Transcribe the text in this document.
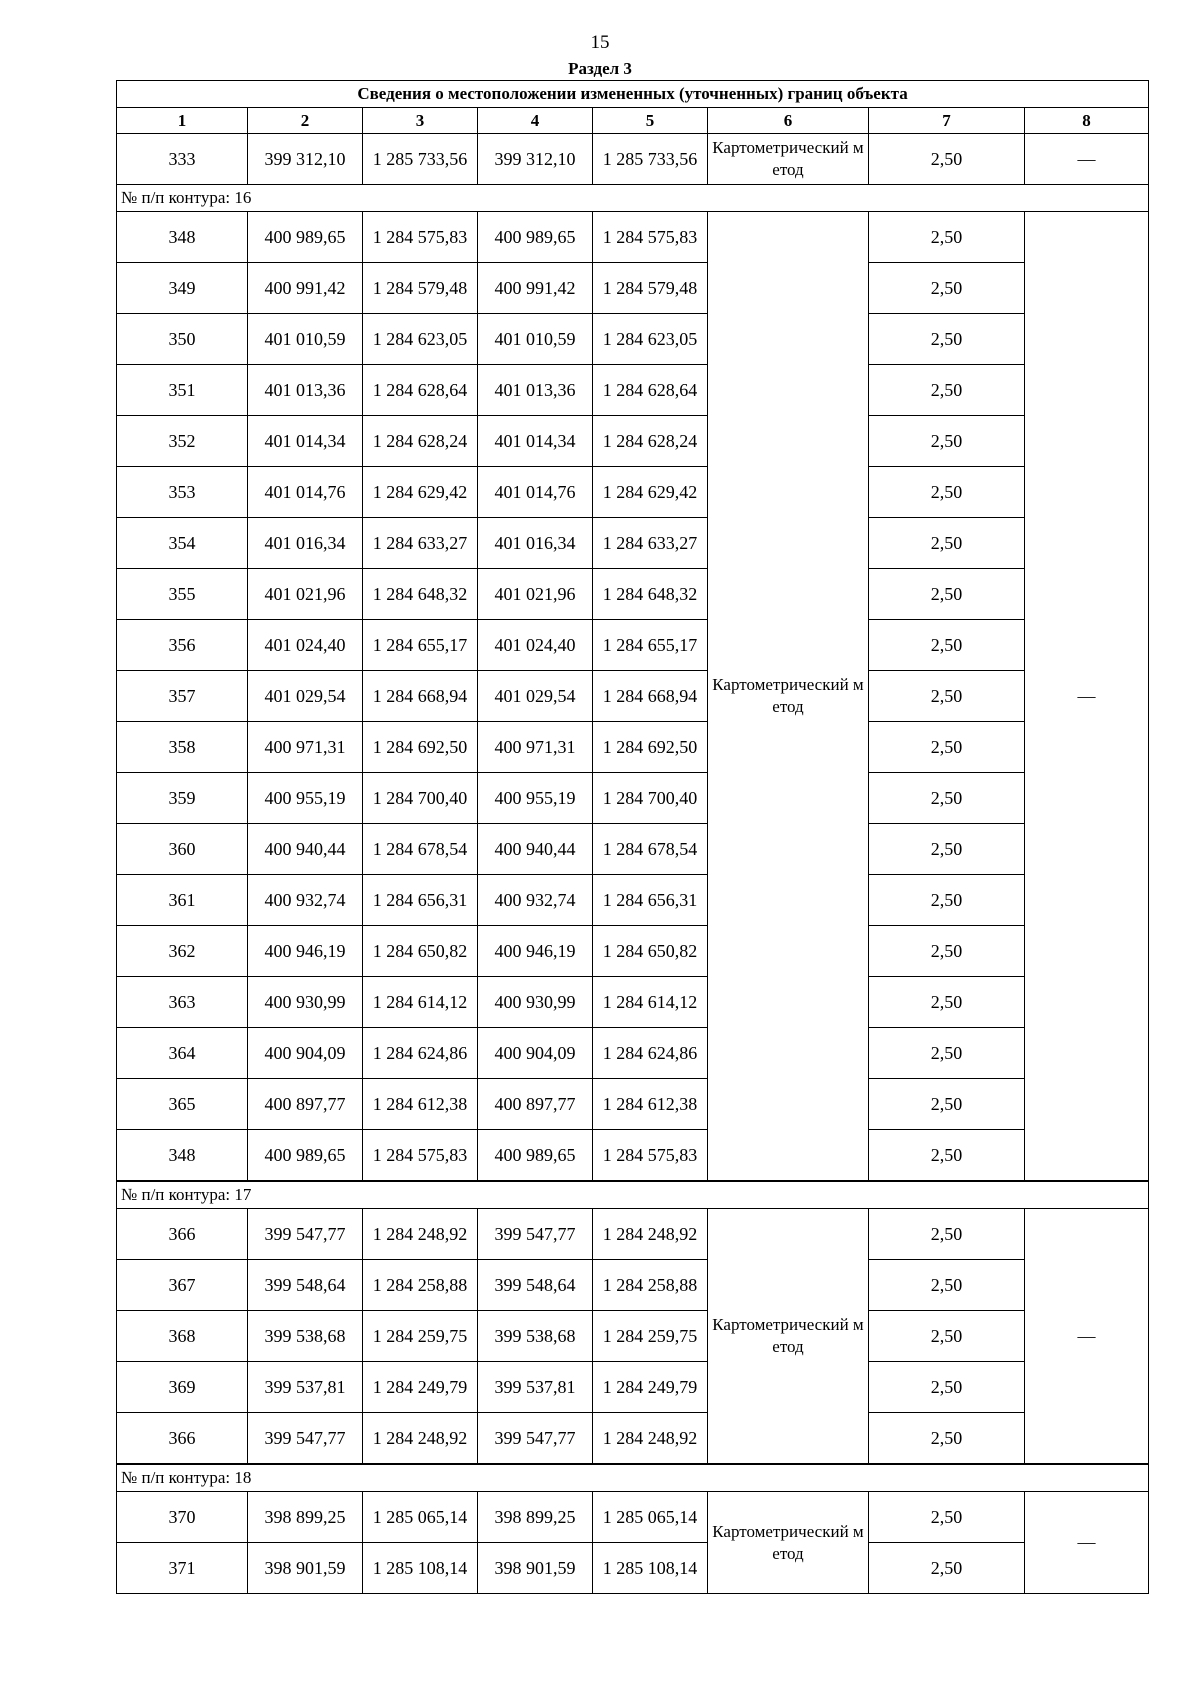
15
Раздел 3
Сведения о местоположении измененных (уточненных) границ объекта							
1	2	3	4	5	6	7	8
333	399 312,10	1 285 733,56	399 312,10	1 285 733,56	Картометрический метод	2,50	—
№ п/п контура: 16							
348	400 989,65	1 284 575,83	400 989,65	1 284 575,83	Картометрический метод	2,50	—
349	400 991,42	1 284 579,48	400 991,42	1 284 579,48		2,50	
350	401 010,59	1 284 623,05	401 010,59	1 284 623,05		2,50	
351	401 013,36	1 284 628,64	401 013,36	1 284 628,64		2,50	
352	401 014,34	1 284 628,24	401 014,34	1 284 628,24		2,50	
353	401 014,76	1 284 629,42	401 014,76	1 284 629,42		2,50	
354	401 016,34	1 284 633,27	401 016,34	1 284 633,27		2,50	
355	401 021,96	1 284 648,32	401 021,96	1 284 648,32		2,50	
356	401 024,40	1 284 655,17	401 024,40	1 284 655,17		2,50	
357	401 029,54	1 284 668,94	401 029,54	1 284 668,94		2,50	
358	400 971,31	1 284 692,50	400 971,31	1 284 692,50		2,50	
359	400 955,19	1 284 700,40	400 955,19	1 284 700,40		2,50	
360	400 940,44	1 284 678,54	400 940,44	1 284 678,54		2,50	
361	400 932,74	1 284 656,31	400 932,74	1 284 656,31		2,50	
362	400 946,19	1 284 650,82	400 946,19	1 284 650,82		2,50	
363	400 930,99	1 284 614,12	400 930,99	1 284 614,12		2,50	
364	400 904,09	1 284 624,86	400 904,09	1 284 624,86		2,50	
365	400 897,77	1 284 612,38	400 897,77	1 284 612,38		2,50	
348	400 989,65	1 284 575,83	400 989,65	1 284 575,83		2,50	
№ п/п контура: 17							
366	399 547,77	1 284 248,92	399 547,77	1 284 248,92	Картометрический метод	2,50	—
367	399 548,64	1 284 258,88	399 548,64	1 284 258,88		2,50	
368	399 538,68	1 284 259,75	399 538,68	1 284 259,75		2,50	
369	399 537,81	1 284 249,79	399 537,81	1 284 249,79		2,50	
366	399 547,77	1 284 248,92	399 547,77	1 284 248,92		2,50	
№ п/п контура: 18							
370	398 899,25	1 285 065,14	398 899,25	1 285 065,14	Картометрический метод	2,50	—
371	398 901,59	1 285 108,14	398 901,59	1 285 108,14		2,50	
